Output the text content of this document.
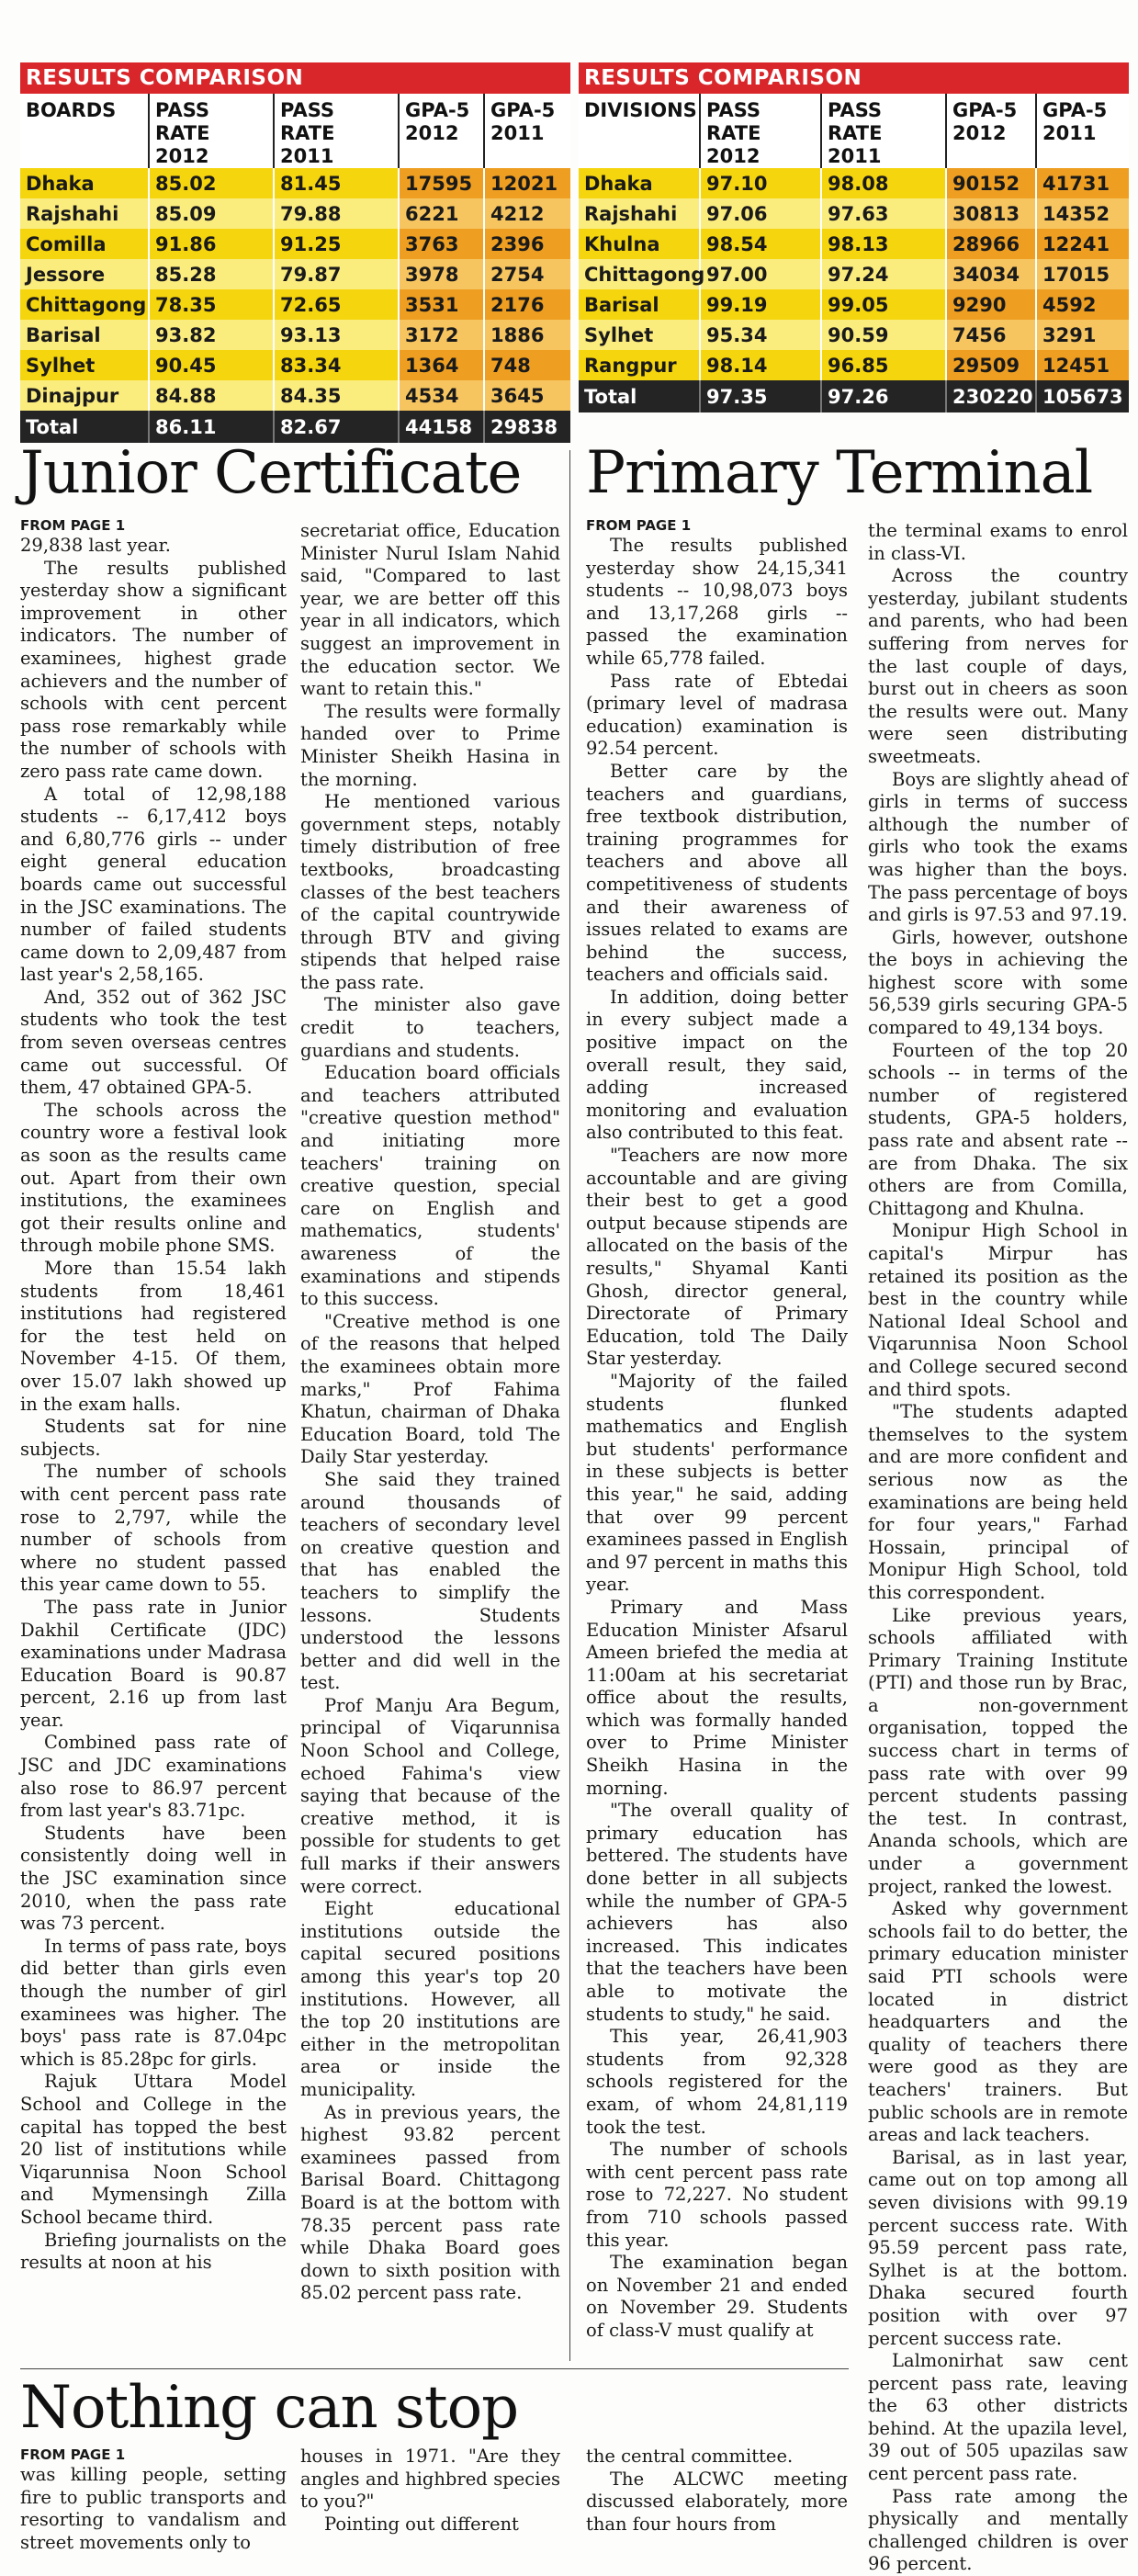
RESULTS COMPARISON				
BOARDS	PASS RATE 2012	PASS RATE 2011	GPA-5 2012	GPA-5 2011
Dhaka	85.02	81.45	17595	12021
Rajshahi	85.09	79.88	6221	4212
Comilla	91.86	91.25	3763	2396
Jessore	85.28	79.87	3978	2754
Chittagong	78.35	72.65	3531	2176
Barisal	93.82	93.13	3172	1886
Sylhet	90.45	83.34	1364	748
Dinajpur	84.88	84.35	4534	3645
Total	86.11	82.67	44158	29838
RESULTS COMPARISON				
DIVISIONS	PASS RATE 2012	PASS RATE 2011	GPA-5 2012	GPA-5 2011
Dhaka	97.10	98.08	90152	41731
Rajshahi	97.06	97.63	30813	14352
Khulna	98.54	98.13	28966	12241
Chittagong	97.00	97.24	34034	17015
Barisal	99.19	99.05	9290	4592
Sylhet	95.34	90.59	7456	3291
Rangpur	98.14	96.85	29509	12451
Total	97.35	97.26	230220	105673
Junior Certificate Primary Terminal
FROM PAGE 1

29,838 last year.

The results published yesterday show a significant improvement in other indicators. The number of examinees, highest grade achievers and the number of schools with cent percent pass rose remarkably while the number of schools with zero pass rate came down.

A total of 12,98,188 students -- 6,17,412 boys and 6,80,776 girls -- under eight general education boards came out successful in the JSC examinations. The number of failed students came down to 2,09,487 from last year's 2,58,165.

And, 352 out of 362 JSC students who took the test from seven overseas centres came out successful. Of them, 47 obtained GPA-5.

The schools across the country wore a festival look as soon as the results came out. Apart from their own institutions, the examinees got their results online and through mobile phone SMS.

More than 15.54 lakh students from 18,461 institutions had registered for the test held on November 4-15. Of them, over 15.07 lakh showed up in the exam halls.

Students sat for nine subjects.

The number of schools with cent percent pass rate rose to 2,797, while the number of schools from where no student passed this year came down to 55.

The pass rate in Junior Dakhil Certificate (JDC) examinations under Madrasa Education Board is 90.87 percent, 2.16 up from last year.

Combined pass rate of JSC and JDC examinations also rose to 86.97 percent from last year's 83.71pc.

Students have been consistently doing well in the JSC examination since 2010, when the pass rate was 73 percent.

In terms of pass rate, boys did better than girls even though the number of girl examinees was higher. The boys' pass rate is 87.04pc which is 85.28pc for girls.

Rajuk Uttara Model School and College in the capital has topped the best 20 list of institutions while Viqarunnisa Noon School and Mymensingh Zilla School became third.

Briefing journalists on the results at noon at his

secretariat office, Education Minister Nurul Islam Nahid said, "Compared to last year, we are better off this year in all indicators, which suggest an improvement in the education sector. We want to retain this."

The results were formally handed over to Prime Minister Sheikh Hasina in the morning.

He mentioned various government steps, notably timely distribution of free textbooks, broadcasting classes of the best teachers of the capital countrywide through BTV and giving stipends that helped raise the pass rate.

The minister also gave credit to teachers, guardians and students.

Education board officials and teachers attributed "creative question method" and initiating more teachers' training on creative question, special care on English and mathematics, students' awareness of the examinations and stipends to this success.

"Creative method is one of the reasons that helped the examinees obtain more marks," Prof Fahima Khatun, chairman of Dhaka Education Board, told The Daily Star yesterday.

She said they trained around thousands of teachers of secondary level on creative question and that has enabled the teachers to simplify the lessons. Students understood the lessons better and did well in the test.

Prof Manju Ara Begum, principal of Viqarunnisa Noon School and College, echoed Fahima's view saying that because of the creative method, it is possible for students to get full marks if their answers were correct.

Eight educational institutions outside the capital secured positions among this year's top 20 institutions. However, all the top 20 institutions are either in the metropolitan area or inside the municipality.

As in previous years, the highest 93.82 percent examinees passed from Barisal Board. Chittagong Board is at the bottom with 78.35 percent pass rate while Dhaka Board goes down to sixth position with 85.02 percent pass rate.

FROM PAGE 1

The results published yesterday show 24,15,341 students -- 10,98,073 boys and 13,17,268 girls -- passed the examination while 65,778 failed.

Pass rate of Ebtedai (primary level of madrasa education) examination is 92.54 percent.

Better care by the teachers and guardians, free textbook distribution, training programmes for teachers and above all competitiveness of students and their awareness of issues related to exams are behind the success, teachers and officials said.

In addition, doing better in every subject made a positive impact on the overall result, they said, adding increased monitoring and evaluation also contributed to this feat.

"Teachers are now more accountable and are giving their best to get a good output because stipends are allocated on the basis of the results," Shyamal Kanti Ghosh, director general, Directorate of Primary Education, told The Daily Star yesterday.

"Majority of the failed students flunked mathematics and English but students' performance in these subjects is better this year," he said, adding that over 99 percent examinees passed in English and 97 percent in maths this year.

Primary and Mass Education Minister Afsarul Ameen briefed the media at 11:00am at his secretariat office about the results, which was formally handed over to Prime Minister Sheikh Hasina in the morning.

"The overall quality of primary education has bettered. The students have done better in all subjects while the number of GPA-5 achievers has also increased. This indicates that the teachers have been able to motivate the students to study," he said.

This year, 26,41,903 students from 92,328 schools registered for the exam, of whom 24,81,119 took the test.

The number of schools with cent percent pass rate rose to 72,227. No student from 710 schools passed this year.

The examination began on November 21 and ended on November 29. Students of class-V must qualify at

the terminal exams to enrol in class-VI.

Across the country yesterday, jubilant students and parents, who had been suffering from nerves for the last couple of days, burst out in cheers as soon the results were out. Many were seen distributing sweetmeats.

Boys are slightly ahead of girls in terms of success although the number of girls who took the exams was higher than the boys. The pass percentage of boys and girls is 97.53 and 97.19.

Girls, however, outshone the boys in achieving the highest score with some 56,539 girls securing GPA-5 compared to 49,134 boys.

Fourteen of the top 20 schools -- in terms of the number of registered students, GPA-5 holders, pass rate and absent rate -- are from Dhaka. The six others are from Comilla, Chittagong and Khulna.

Monipur High School in capital's Mirpur has retained its position as the best in the country while National Ideal School and Viqarunnisa Noon School and College secured second and third spots.

"The students adapted themselves to the system and are more confident and serious now as the examinations are being held for four years," Farhad Hossain, principal of Monipur High School, told this correspondent.

Like previous years, schools affiliated with Primary Training Institute (PTI) and those run by Brac, a non-government organisation, topped the success chart in terms of pass rate with over 99 percent students passing the test. In contrast, Ananda schools, which are under a government project, ranked the lowest.

Asked why government schools fail to do better, the primary education minister said PTI schools were located in district headquarters and the quality of teachers there were good as they are teachers' trainers. But public schools are in remote areas and lack teachers.

Barisal, as in last year, came out on top among all seven divisions with 99.19 percent success rate. With 95.59 percent pass rate, Sylhet is at the bottom. Dhaka secured fourth position with over 97 percent success rate.

Lalmonirhat saw cent percent pass rate, leaving the 63 other districts behind. At the upazila level, 39 out of 505 upazilas saw cent percent pass rate.

Pass rate among the physically and mentally challenged children is over 96 percent.

Nothing can stop
FROM PAGE 1

was killing people, setting fire to public transports and resorting to vandalism and street movements only to

houses in 1971. "Are they angles and highbred species to you?"

Pointing out different

the central committee.

The ALCWC meeting discussed elaborately, more than four hours from
